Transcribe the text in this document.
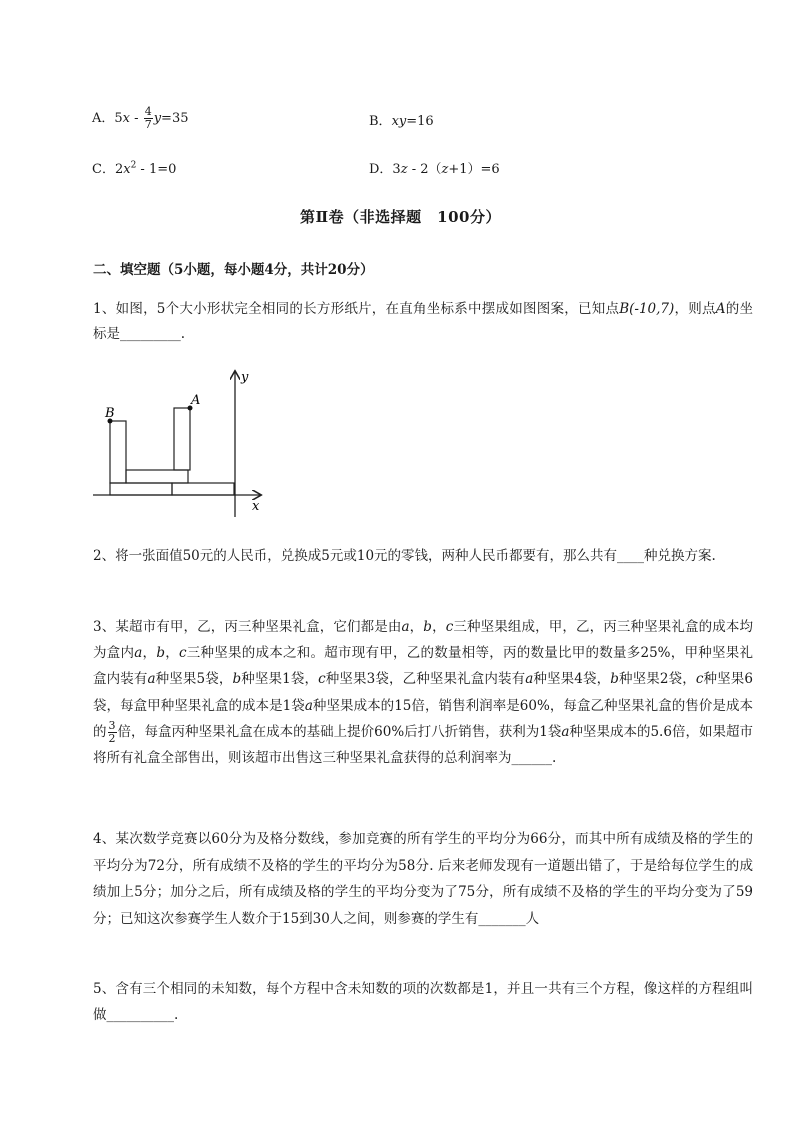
A．$5x - \frac{4}{7} y=35$	B．xy=16
C．$2x^2 - 1=0$	D．3z - 2（z+1）=6
第Ⅱ卷（非选择题　100分）
二、填空题（5小题，每小题4分，共计20分）
1、如图，5个大小形状完全相同的长方形纸片，在直角坐标系中摆成如图图案，已知点B(-10,7)，则点A的坐标是_________.
y
x
B
A
2、将一张面值50元的人民币，兑换成5元或10元的零钱，两种人民币都要有，那么共有____种兑换方案.
3、某超市有甲，乙，丙三种坚果礼盒，它们都是由a，b，c三种坚果组成，甲，乙，丙三种坚果礼盒的成本均为盒内a，b，c三种坚果的成本之和。超市现有甲，乙的数量相等，丙的数量比甲的数量多25%，甲种坚果礼盒内装有a种坚果5袋，b种坚果1袋，c种坚果3袋，乙种坚果礼盒内装有a种坚果4袋，b种坚果2袋，c种坚果6袋，每盒甲种坚果礼盒的成本是1袋a种坚果成本的15倍，销售利润率是60%，每盒乙种坚果礼盒的售价是成本的 $\frac{3}{2}$ 倍，每盒丙种坚果礼盒在成本的基础上提价60%后打八折销售，获利为1袋a种坚果成本的5.6倍，如果超市将所有礼盒全部售出，则该超市出售这三种坚果礼盒获得的总利润率为______.
4、某次数学竞赛以60分为及格分数线，参加竞赛的所有学生的平均分为66分，而其中所有成绩及格的学生的平均分为72分，所有成绩不及格的学生的平均分为58分. 后来老师发现有一道题出错了，于是给每位学生的成绩加上5分；加分之后，所有成绩及格的学生的平均分变为了75分，所有成绩不及格的学生的平均分变为了59分；已知这次参赛学生人数介于15到30人之间，则参赛的学生有_______人
5、含有三个相同的未知数，每个方程中含未知数的项的次数都是1，并且一共有三个方程，像这样的方程组叫做__________.
